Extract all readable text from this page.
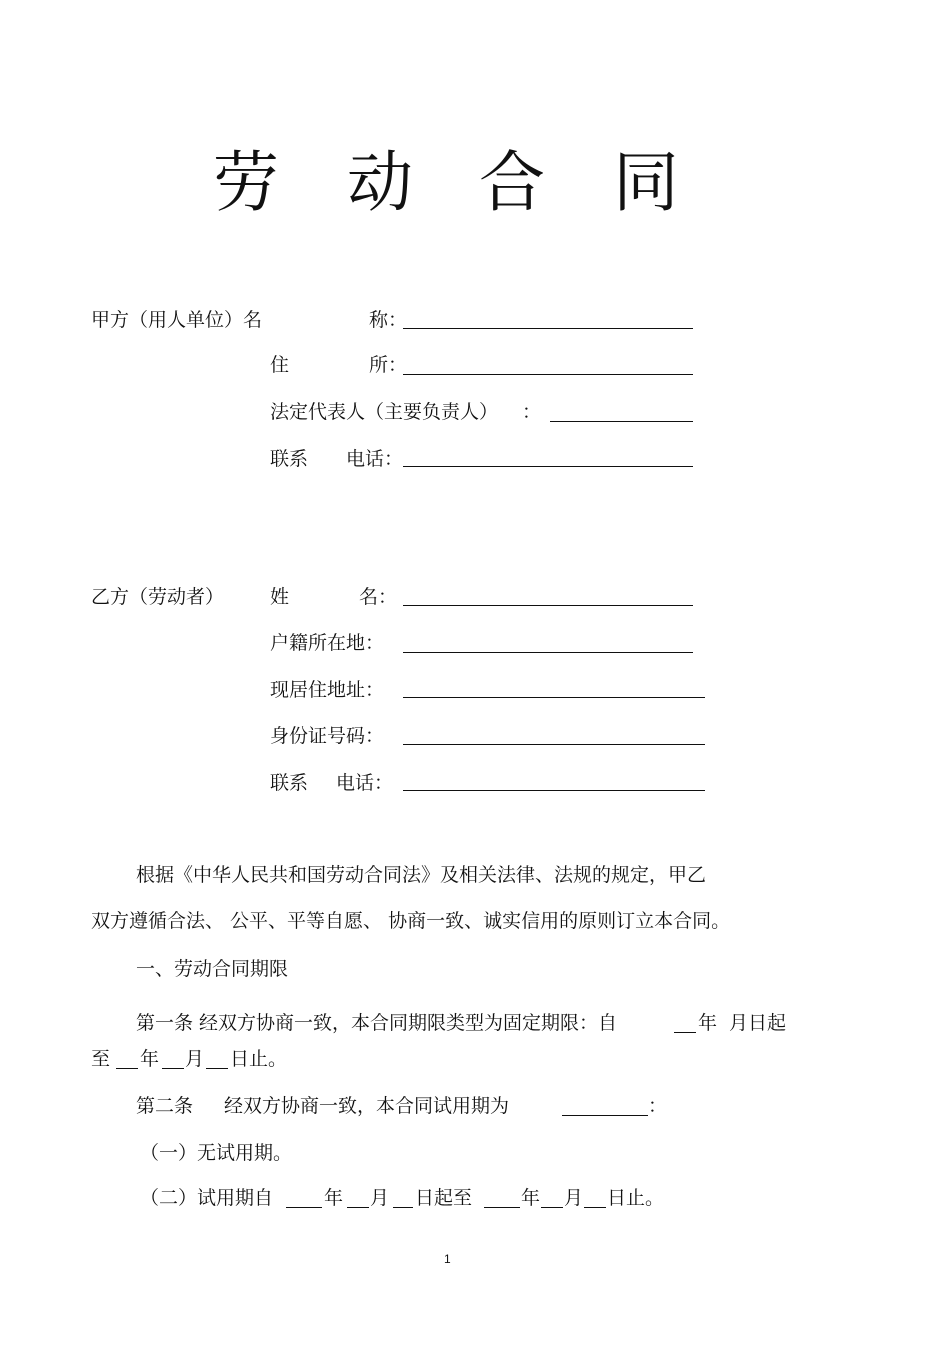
劳 动 合 同
甲方（用人单位）名	称：
住	所：
法定代表人（主要负责人） ：
联系 电话：
乙方（劳动者） 姓	名：
户籍所在地：
现居住地址：
身份证号码：
联系 电话：
根据《中华人民共和国劳动合同法》及相关法律、法规的规定，甲乙
双方遵循合法、 公平、平等自愿、 协商一致、诚实信用的原则订立本合同。
一、劳动合同期限
第一条 经双方协商一致，本合同期限类型为固定期限：自	年 月日起
至 年 月 日止。
第二条 经双方协商一致，本合同试用期为	：
（一）无试用期。
（二）试用期自	年 月 日起至	年 月 日止。
1
